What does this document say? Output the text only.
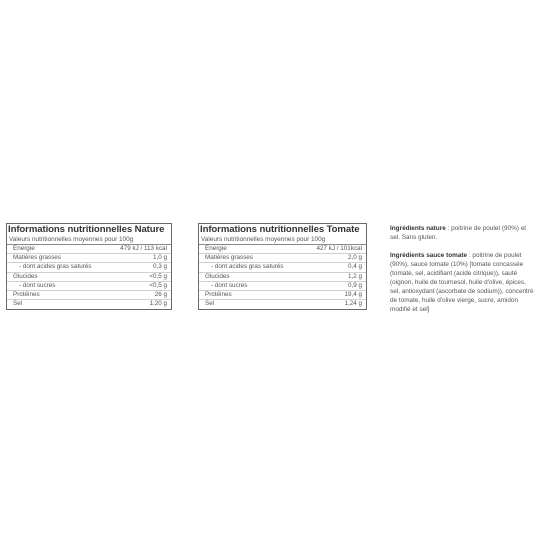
Informations nutritionnelles Nature
Valeurs nutritionnelles moyennes pour 100g
Energie	479 kJ / 113 kcal
Matières grasses	1,0 g
- dont acides gras saturés	0,3 g
Glucides	<0,5 g
- dont sucres	<0,5 g
Protéines	26 g
Sel	1,20 g
Informations nutritionnelles Tomate
Valeurs nutritionnelles moyennes pour 100g
Energie	427 kJ / 101kcal
Matières grasses	2,0 g
- dont acides gras saturés	0,4 g
Glucides	1,2 g
- dont sucres	0,9 g
Protéines	19,4 g
Sel	1,24 g
Ingrédients nature : poitrine de poulet (90%) et sel. Sans gluten.
Ingrédients sauce tomate : poitrine de poulet (90%), sauce tomate (10%) [tomate concassée (tomate, sel, acidifiant (acide citrique)), sauté (oignon, huile de tournesol, huile d'olive, épices, sel, antioxydant (ascorbate de sodium)), concentré de tomate, huile d'olive vierge, sucre, amidon modifié et sel]
